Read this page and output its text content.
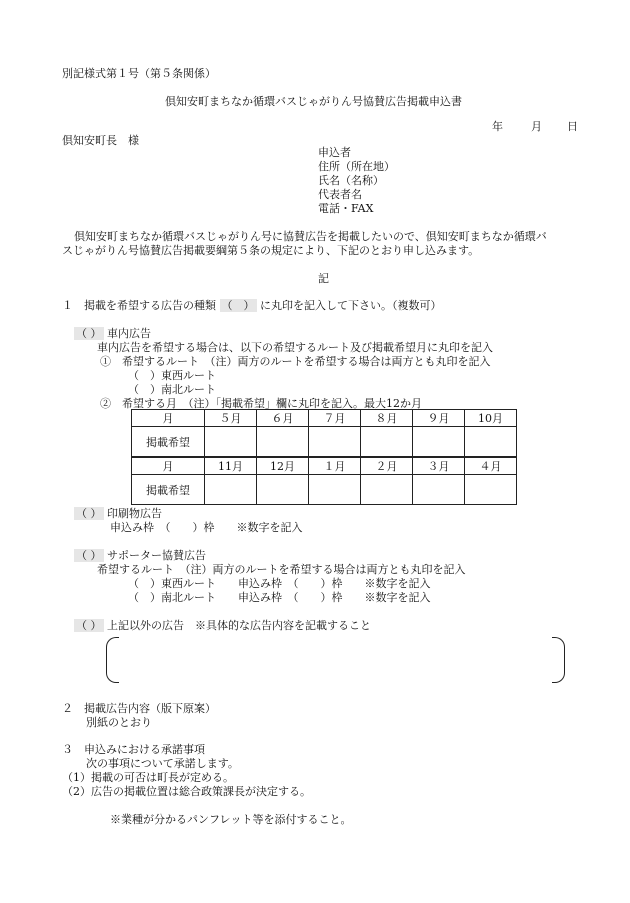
別記様式第１号（第５条関係）
倶知安町まちなか循環バスじゃがりん号協賛広告掲載申込書
年	月 日
倶知安町長　様
申込者
住所（所在地）
氏名（名称）
代表者名
電話・FAX
倶知安町まちなか循環バスじゃがりん号に協賛広告を掲載したいので、倶知安町まちなか循環バ
スじゃがりん号協賛広告掲載要綱第５条の規定により、下記のとおり申し込みます。
記
１　掲載を希望する広告の種類 （　） に丸印を記入して下さい。（複数可）
（ ） 車内広告
車内広告を希望する場合は、以下の希望するルート及び掲載希望月に丸印を記入
①　希望するルート　（注）両方のルートを希望する場合は両方とも丸印を記入
（　）東西ルート
（　）南北ルート
②　希望する月　（注）「掲載希望」欄に丸印を記入。最大12か月
月	５月	６月	７月	８月	９月	10月
掲載希望						
月	11月	12月	１月	２月	３月	４月
掲載希望						
（ ） 印刷物広告
申込み枠　（　　）枠　　※数字を記入
（ ） サポーター協賛広告
希望するルート　（注）両方のルートを希望する場合は両方とも丸印を記入
（　）東西ルート　　申込み枠　（　　）枠　　※数字を記入
（　）南北ルート　　申込み枠　（　　）枠　　※数字を記入
（ ） 上記以外の広告　※具体的な広告内容を記載すること
２　掲載広告内容（版下原案）
別紙のとおり
３　申込みにおける承諾事項
次の事項について承諾します。
（1）掲載の可否は町長が定める。
（2）広告の掲載位置は総合政策課長が決定する。
※業種が分かるパンフレット等を添付すること。
